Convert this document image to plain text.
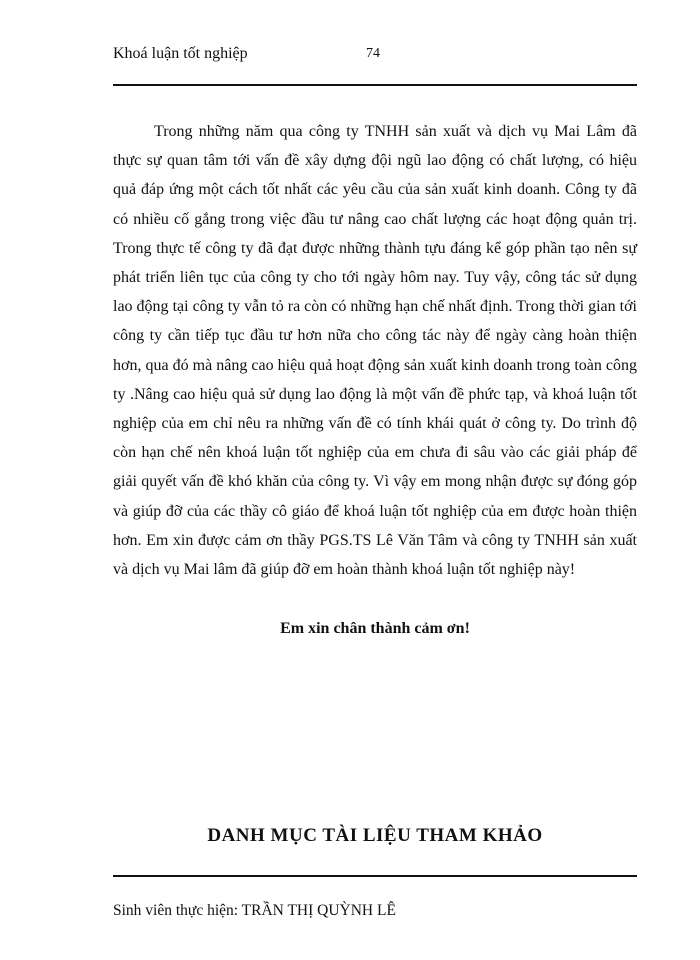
Khoá luận tốt nghiệp	74

Trong những năm qua công ty TNHH sản xuất và dịch vụ Mai Lâm đã thực sự quan tâm tới vấn đề xây dựng đội ngũ lao động có chất lượng, có hiệu quả đáp ứng một cách tốt nhất các yêu cầu của sản xuất kinh doanh. Công ty đã có nhiều cố gắng trong việc đầu tư nâng cao chất lượng các hoạt động quản trị. Trong thực tế công ty đã đạt được những thành tựu đáng kể góp phần tạo nên sự phát triển liên tục của công ty cho tới ngày hôm nay. Tuy vậy, công tác sử dụng lao động tại công ty vẫn tỏ ra còn có những hạn chế nhất định. Trong thời gian tới công ty cần tiếp tục đầu tư hơn nữa cho công tác này để ngày càng hoàn thiện hơn, qua đó mà nâng cao hiệu quả hoạt động sản xuất kinh doanh trong toàn công ty .Nâng cao hiệu quả sử dụng lao động là một vấn đề phức tạp, và khoá luận tốt nghiệp của em chỉ nêu ra những vấn đề có tính khái quát ở công ty. Do trình độ còn hạn chế nên khoá luận tốt nghiệp của em chưa đi sâu vào các giải pháp để giải quyết vấn đề khó khăn của công ty. Vì vậy em mong nhận được sự đóng góp và giúp đỡ của các thầy cô giáo để khoá luận tốt nghiệp của em được hoàn thiện hơn. Em xin được cảm ơn thầy PGS.TS Lê Văn Tâm và công ty TNHH sản xuất và dịch vụ Mai lâm đã giúp đỡ em hoàn thành khoá luận tốt nghiệp này!

Em xin chân thành cảm ơn!
DANH MỤC TÀI LIỆU THAM KHẢO
Sinh viên thực hiện: TRẦN THỊ QUỲNH LÊ
